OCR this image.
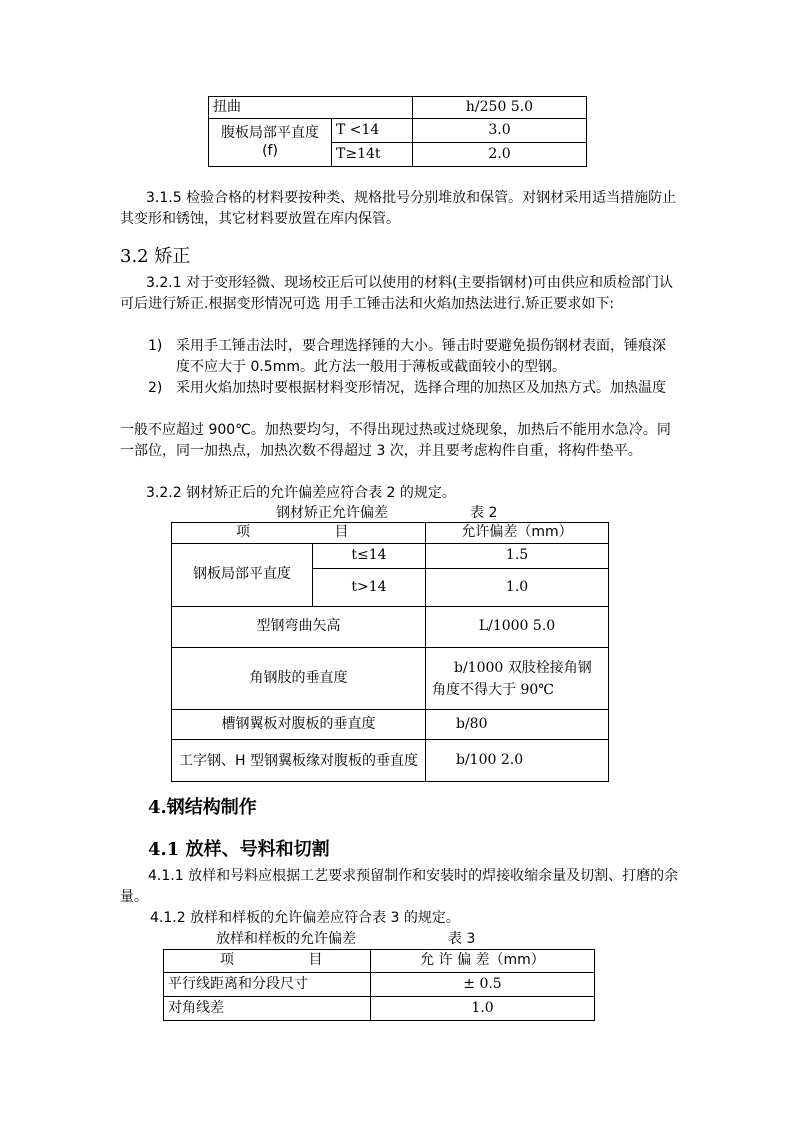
扭曲		h/250 5.0
腹板局部平直度(f)	T <14	3.0
	T≥14t	2.0
3.1.5 检验合格的材料要按种类、规格批号分别堆放和保管。对钢材采用适当措施防止其变形和锈蚀，其它材料要放置在库内保管。
3.2 矫正
3.2.1 对于变形轻微、现场校正后可以使用的材料(主要指钢材)可由供应和质检部门认可后进行矫正.根据变形情况可选 用手工锤击法和火焰加热法进行.矫正要求如下:
1) 采用手工锤击法时，要合理选择锤的大小。锤击时要避免损伤钢材表面，锤痕深度不应大于 0.5mm。此方法一般用于薄板或截面较小的型钢。
2) 采用火焰加热时要根据材料变形情况，选择合理的加热区及加热方式。加热温度
一般不应超过 900℃。加热要均匀，不得出现过热或过烧现象，加热后不能用水急冷。同一部位，同一加热点，加热次数不得超过 3 次，并且要考虑构件自重，将构件垫平。
3.2.2 钢材矫正后的允许偏差应符合表 2 的规定。
钢材矫正允许偏差	表 2
项 目		允许偏差（mm）
钢板局部平直度	t≤14	1.5
	t>14	1.0
型钢弯曲矢高		L/1000 5.0
角钢肢的垂直度		b/1000 双肢栓接角钢角度不得大于 90℃
槽钢翼板对腹板的垂直度		b/80
工字钢、H 型钢翼板缘对腹板的垂直度		b/100 2.0
4.钢结构制作
4.1 放样、号料和切割
4.1.1 放样和号料应根据工艺要求预留制作和安装时的焊接收缩余量及切割、打磨的余量。
4.1.2 放样和样板的允许偏差应符合表 3 的规定。
放样和样板的允许偏差	表 3
项 目	允 许 偏 差（mm）
平行线距离和分段尺寸	± 0.5
对角线差	1.0
